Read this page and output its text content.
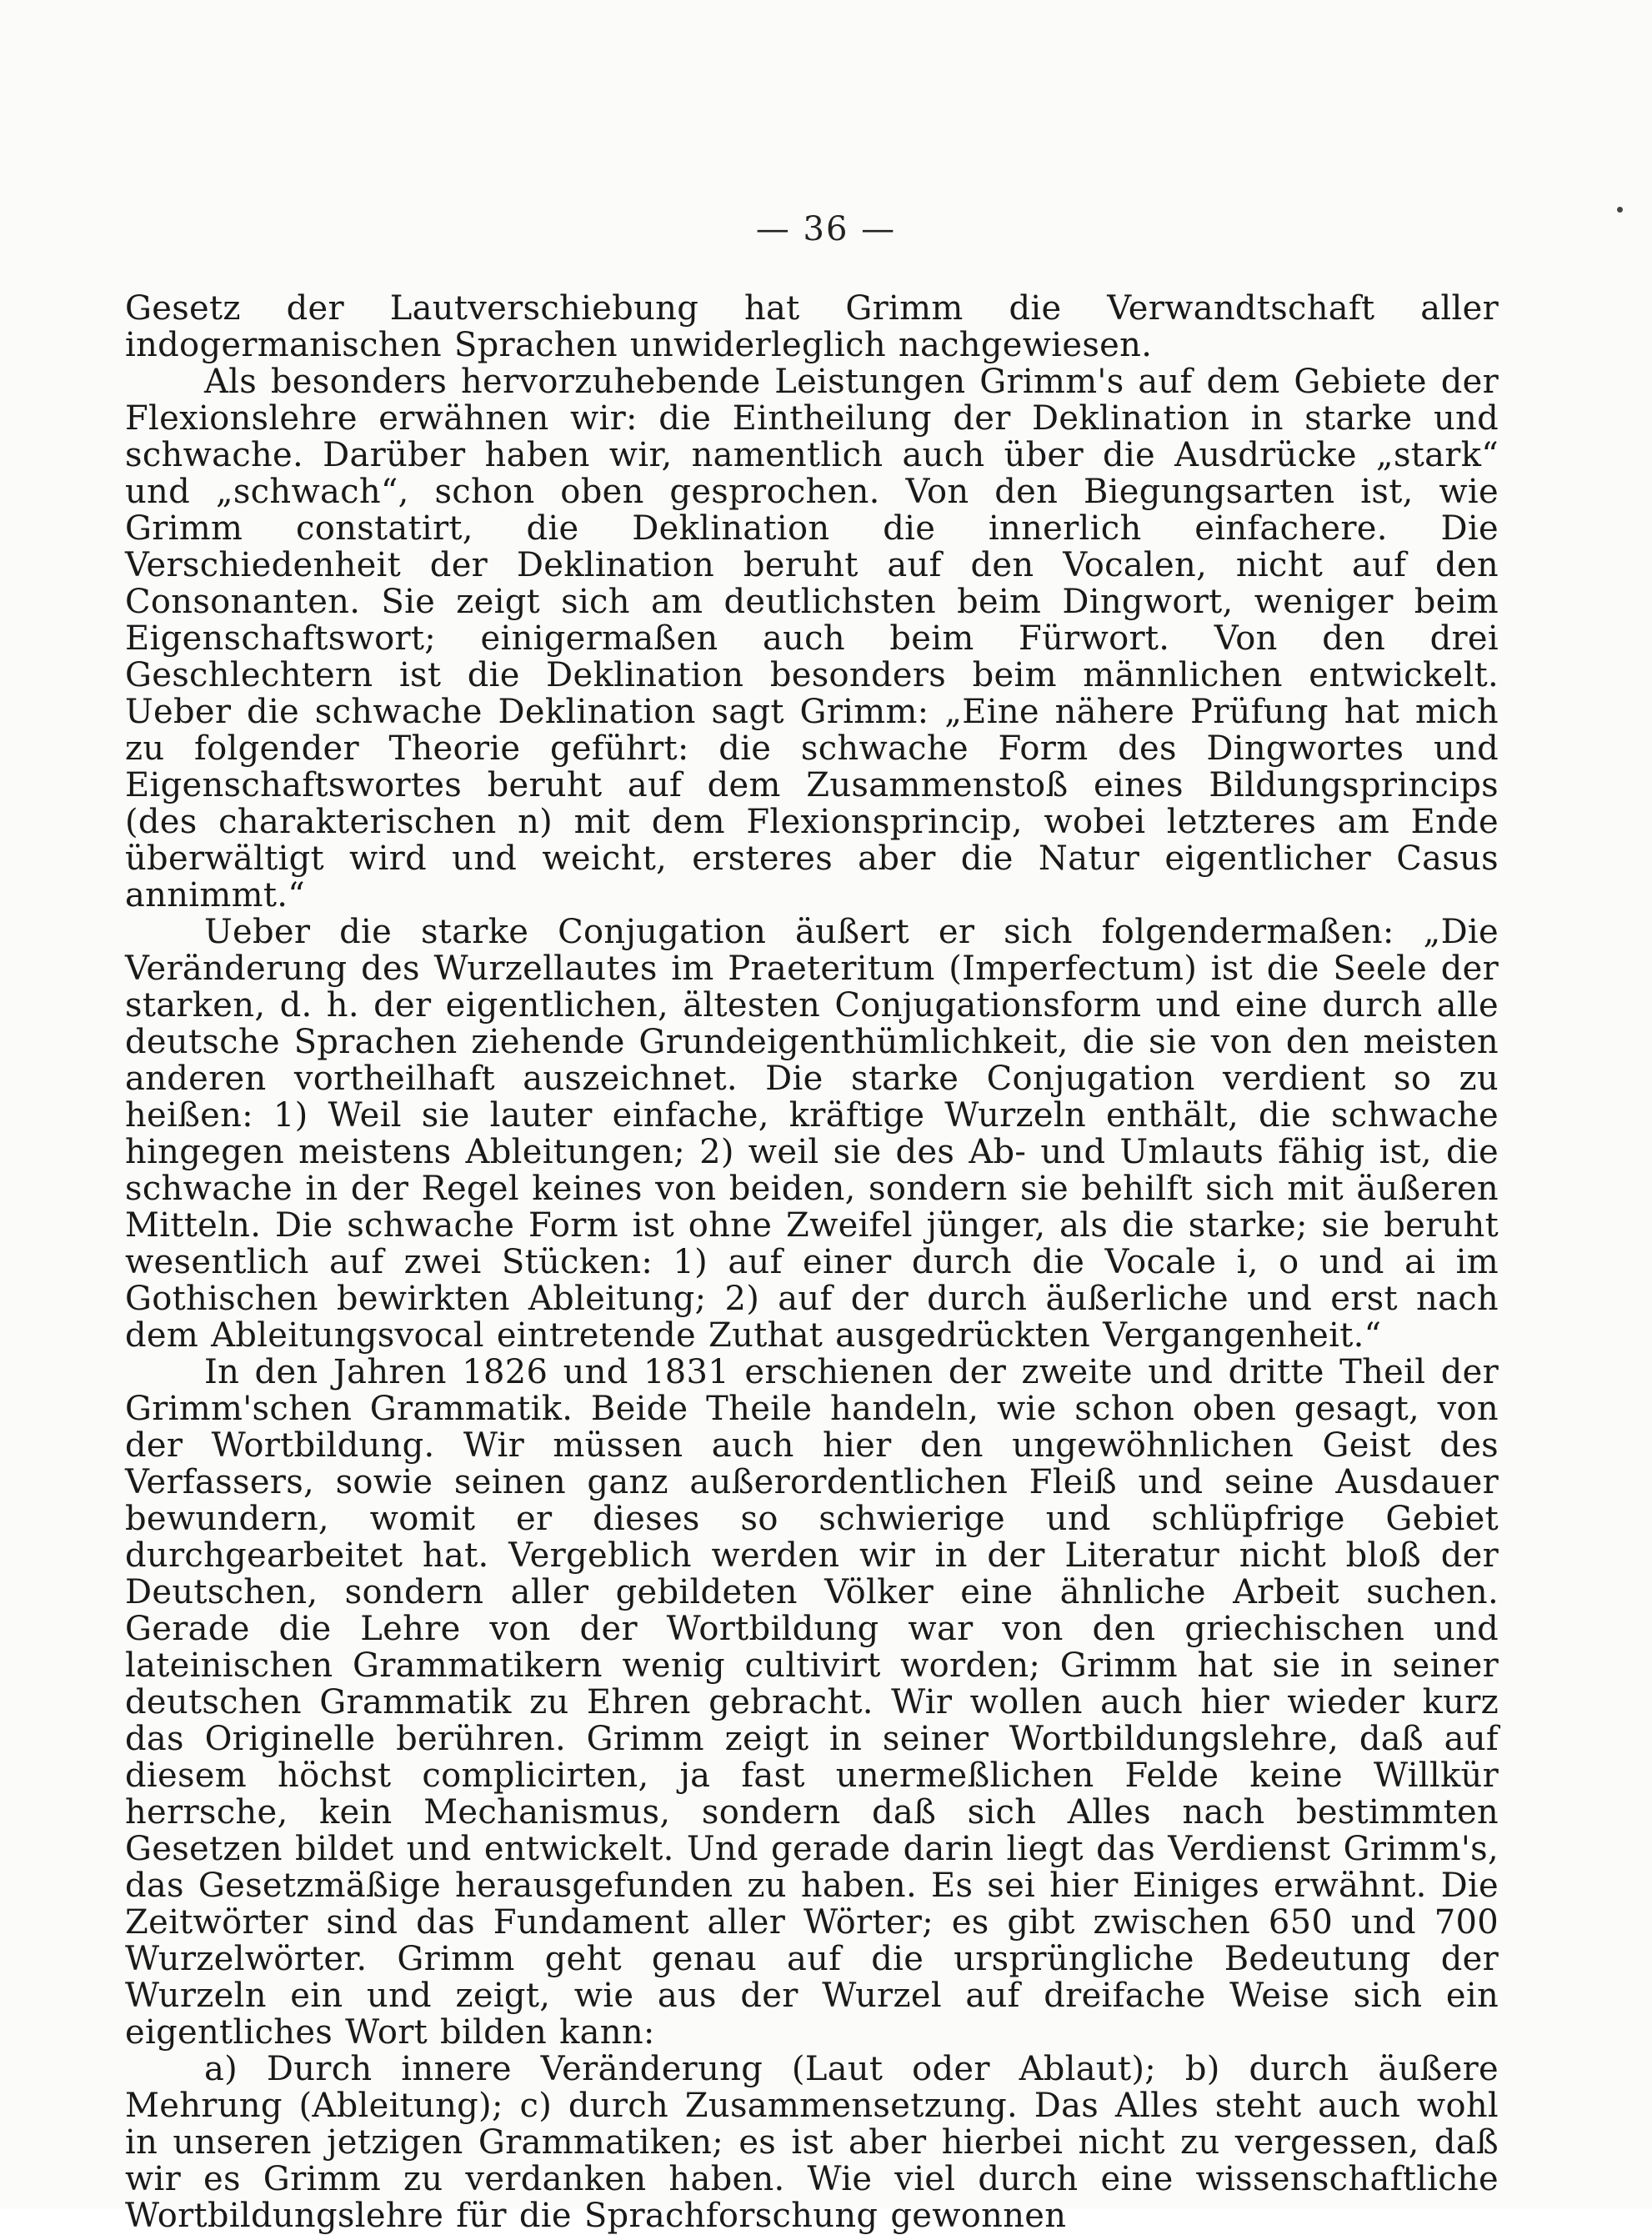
— 36 —

Gesetz der Lautverschiebung hat Grimm die Verwandtschaft aller indogermanischen Sprachen unwiderleglich nachgewiesen.

Als besonders hervorzuhebende Leistungen Grimm's auf dem Gebiete der Flexionslehre erwähnen wir: die Eintheilung der Deklination in starke und schwache. Darüber haben wir, namentlich auch über die Ausdrücke „stark“ und „schwach“, schon oben gesprochen. Von den Biegungsarten ist, wie Grimm constatirt, die Deklination die innerlich einfachere. Die Verschiedenheit der Deklination beruht auf den Vocalen, nicht auf den Consonanten. Sie zeigt sich am deutlichsten beim Dingwort, weniger beim Eigenschaftswort; einigermaßen auch beim Fürwort. Von den drei Geschlechtern ist die Deklination besonders beim männlichen entwickelt. Ueber die schwache Deklination sagt Grimm: „Eine nähere Prüfung hat mich zu folgender Theorie geführt: die schwache Form des Dingwortes und Eigenschaftswortes beruht auf dem Zusammenstoß eines Bildungsprincips (des charakterischen n) mit dem Flexionsprincip, wobei letzteres am Ende überwältigt wird und weicht, ersteres aber die Natur eigentlicher Casus annimmt.“

Ueber die starke Conjugation äußert er sich folgendermaßen: „Die Veränderung des Wurzellautes im Praeteritum (Imperfectum) ist die Seele der starken, d. h. der eigentlichen, ältesten Conjugationsform und eine durch alle deutsche Sprachen ziehende Grundeigenthümlichkeit, die sie von den meisten anderen vortheilhaft auszeichnet. Die starke Conjugation verdient so zu heißen: 1) Weil sie lauter einfache, kräftige Wurzeln enthält, die schwache hingegen meistens Ableitungen; 2) weil sie des Ab- und Umlauts fähig ist, die schwache in der Regel keines von beiden, sondern sie behilft sich mit äußeren Mitteln. Die schwache Form ist ohne Zweifel jünger, als die starke; sie beruht wesentlich auf zwei Stücken: 1) auf einer durch die Vocale i, o und ai im Gothischen bewirkten Ableitung; 2) auf der durch äußerliche und erst nach dem Ableitungsvocal eintretende Zuthat ausgedrückten Vergangenheit.“

In den Jahren 1826 und 1831 erschienen der zweite und dritte Theil der Grimm'schen Grammatik. Beide Theile handeln, wie schon oben gesagt, von der Wortbildung. Wir müssen auch hier den ungewöhnlichen Geist des Verfassers, sowie seinen ganz außerordentlichen Fleiß und seine Ausdauer bewundern, womit er dieses so schwierige und schlüpfrige Gebiet durchgearbeitet hat. Vergeblich werden wir in der Literatur nicht bloß der Deutschen, sondern aller gebildeten Völker eine ähnliche Arbeit suchen. Gerade die Lehre von der Wortbildung war von den griechischen und lateinischen Grammatikern wenig cultivirt worden; Grimm hat sie in seiner deutschen Grammatik zu Ehren gebracht. Wir wollen auch hier wieder kurz das Originelle berühren. Grimm zeigt in seiner Wortbildungslehre, daß auf diesem höchst complicirten, ja fast unermeßlichen Felde keine Willkür herrsche, kein Mechanismus, sondern daß sich Alles nach bestimmten Gesetzen bildet und entwickelt. Und gerade darin liegt das Verdienst Grimm's, das Gesetzmäßige herausgefunden zu haben. Es sei hier Einiges erwähnt. Die Zeitwörter sind das Fundament aller Wörter; es gibt zwischen 650 und 700 Wurzelwörter. Grimm geht genau auf die ursprüngliche Bedeutung der Wurzeln ein und zeigt, wie aus der Wurzel auf dreifache Weise sich ein eigentliches Wort bilden kann:

a) Durch innere Veränderung (Laut oder Ablaut); b) durch äußere Mehrung (Ableitung); c) durch Zusammensetzung. Das Alles steht auch wohl in unseren jetzigen Grammatiken; es ist aber hierbei nicht zu vergessen, daß wir es Grimm zu verdanken haben. Wie viel durch eine wissenschaftliche Wortbildungslehre für die Sprachforschung gewonnen
